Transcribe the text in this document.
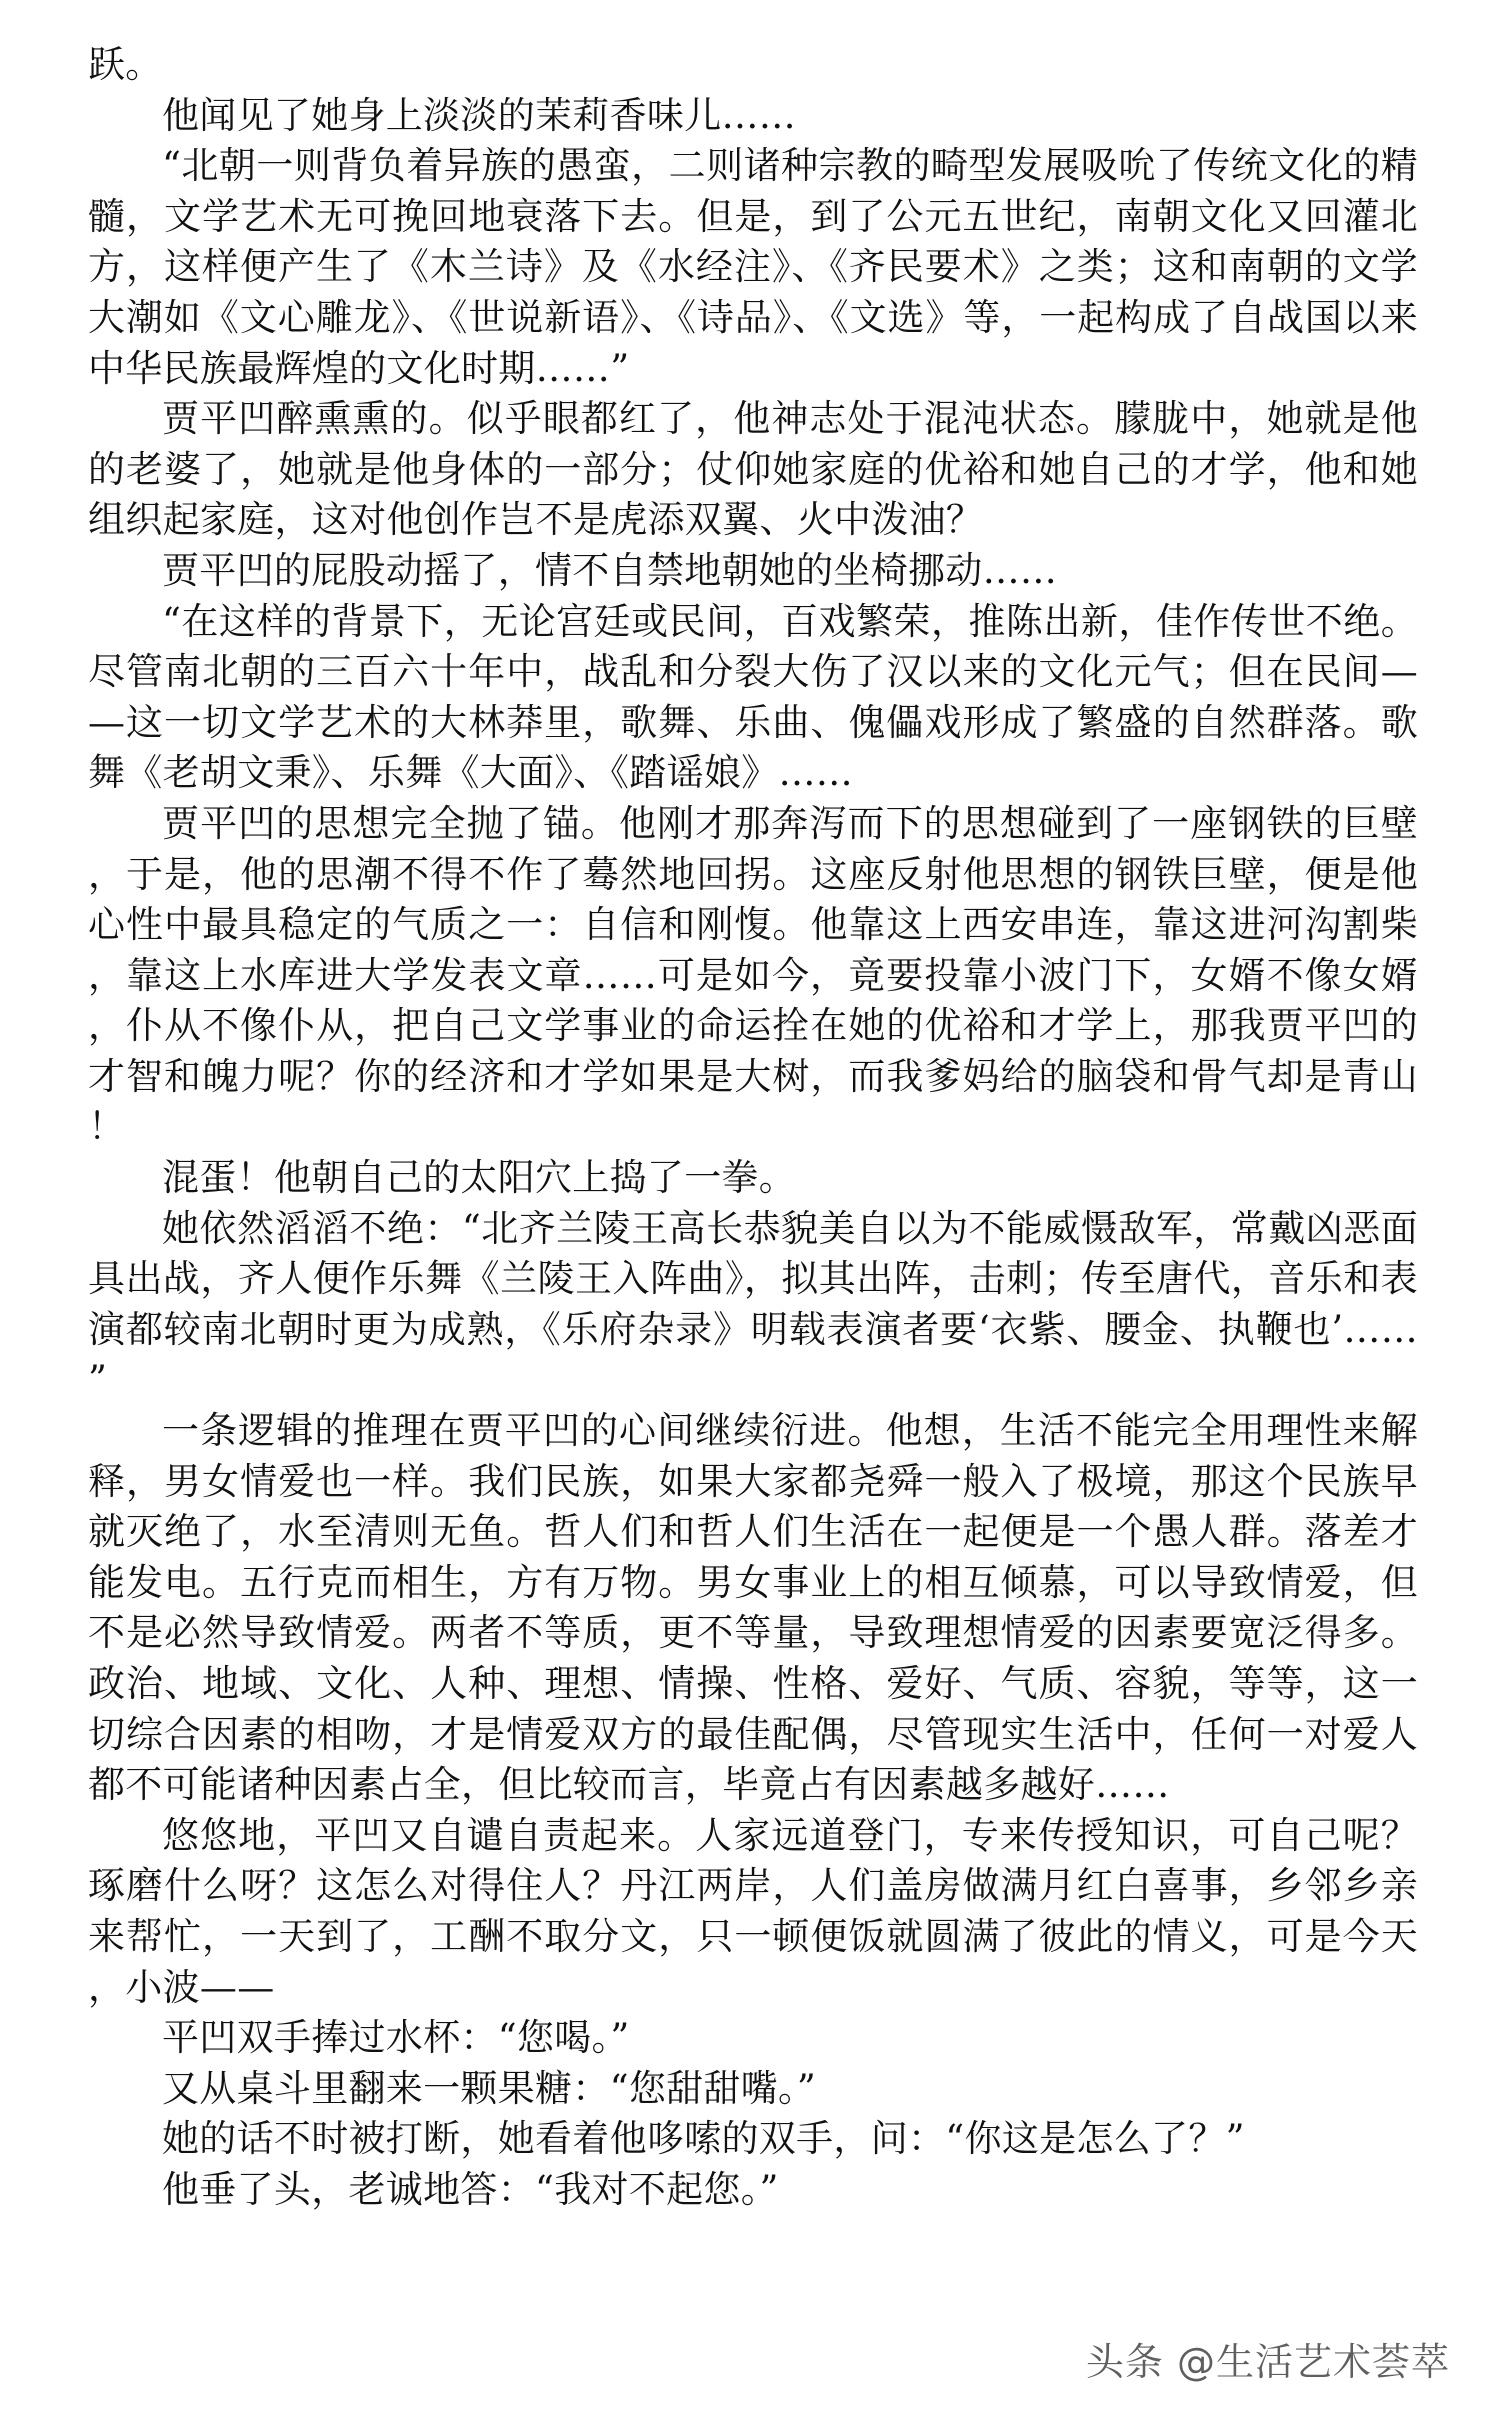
跃。

他闻见了她身上淡淡的茉莉香味儿……

“北朝一则背负着异族的愚蛮，二则诸种宗教的畸型发展吸吮了传统文化的精髓，文学艺术无可挽回地衰落下去。但是，到了公元五世纪，南朝文化又回灌北方，这样便产生了《木兰诗》及《水经注》、《齐民要术》之类；这和南朝的文学大潮如《文心雕龙》、《世说新语》、《诗品》、《文选》等，一起构成了自战国以来中华民族最辉煌的文化时期……”

贾平凹醉熏熏的。似乎眼都红了，他神志处于混沌状态。朦胧中，她就是他的老婆了，她就是他身体的一部分；仗仰她家庭的优裕和她自己的才学，他和她组织起家庭，这对他创作岂不是虎添双翼、火中泼油？

贾平凹的屁股动摇了，情不自禁地朝她的坐椅挪动……

“在这样的背景下，无论宫廷或民间，百戏繁荣，推陈出新，佳作传世不绝。尽管南北朝的三百六十年中，战乱和分裂大伤了汉以来的文化元气；但在民间——这一切文学艺术的大林莽里，歌舞、乐曲、傀儡戏形成了繁盛的自然群落。歌舞《老胡文秉》、乐舞《大面》、《踏谣娘》……

贾平凹的思想完全抛了锚。他刚才那奔泻而下的思想碰到了一座钢铁的巨壁，于是，他的思潮不得不作了蓦然地回拐。这座反射他思想的钢铁巨壁，便是他心性中最具稳定的气质之一：自信和刚愎。他靠这上西安串连，靠这进河沟割柴，靠这上水库进大学发表文章……可是如今，竟要投靠小波门下，女婿不像女婿，仆从不像仆从，把自己文学事业的命运拴在她的优裕和才学上，那我贾平凹的才智和魄力呢？你的经济和才学如果是大树，而我爹妈给的脑袋和骨气却是青山！

混蛋！他朝自己的太阳穴上捣了一拳。

她依然滔滔不绝：“北齐兰陵王高长恭貌美自以为不能威慑敌军，常戴凶恶面具出战，齐人便作乐舞《兰陵王入阵曲》，拟其出阵，击刺；传至唐代，音乐和表演都较南北朝时更为成熟，《乐府杂录》明载表演者要‘衣紫、腰金、执鞭也’……”

一条逻辑的推理在贾平凹的心间继续衍进。他想，生活不能完全用理性来解释，男女情爱也一样。我们民族，如果大家都尧舜一般入了极境，那这个民族早就灭绝了，水至清则无鱼。哲人们和哲人们生活在一起便是一个愚人群。落差才能发电。五行克而相生，方有万物。男女事业上的相互倾慕，可以导致情爱，但不是必然导致情爱。两者不等质，更不等量，导致理想情爱的因素要宽泛得多。政治、地域、文化、人种、理想、情操、性格、爱好、气质、容貌，等等，这一切综合因素的相吻，才是情爱双方的最佳配偶，尽管现实生活中，任何一对爱人都不可能诸种因素占全，但比较而言，毕竟占有因素越多越好……

悠悠地，平凹又自谴自责起来。人家远道登门，专来传授知识，可自己呢？琢磨什么呀？这怎么对得住人？丹江两岸，人们盖房做满月红白喜事，乡邻乡亲来帮忙，一天到了，工酬不取分文，只一顿便饭就圆满了彼此的情义，可是今天，小波——

平凹双手捧过水杯：“您喝。”

又从桌斗里翻来一颗果糖：“您甜甜嘴。”

她的话不时被打断，她看着他哆嗦的双手，问：“你这是怎么了？”

他垂了头，老诚地答：“我对不起您。”

头条 @生活艺术荟萃
